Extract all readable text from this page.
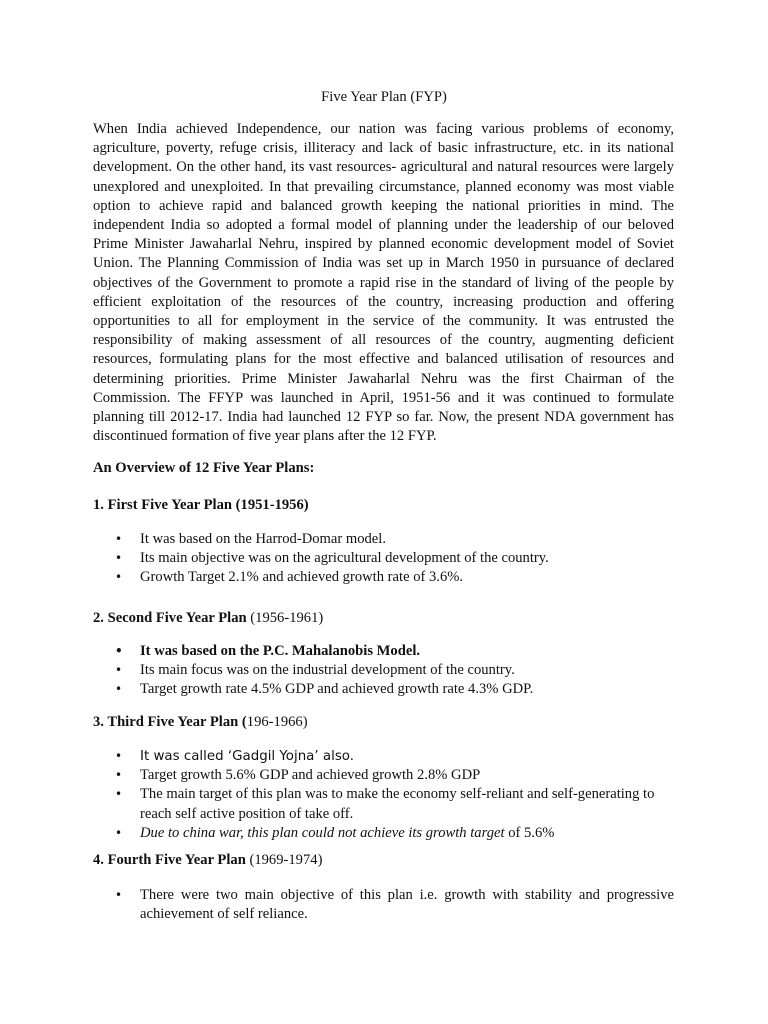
Five Year Plan (FYP)

When India achieved Independence, our nation was facing various problems of economy, agriculture, poverty, refuge crisis, illiteracy and lack of basic infrastructure, etc. in its national development. On the other hand, its vast resources- agricultural and natural resources were largely unexplored and unexploited. In that prevailing circumstance, planned economy was most viable option to achieve rapid and balanced growth keeping the national priorities in mind. The independent India so adopted a formal model of planning under the leadership of our beloved Prime Minister Jawaharlal Nehru, inspired by planned economic development model of Soviet Union. The Planning Commission of India was set up in March 1950 in pursuance of declared objectives of the Government to promote a rapid rise in the standard of living of the people by efficient exploitation of the resources of the country, increasing production and offering opportunities to all for employment in the service of the community. It was entrusted the responsibility of making assessment of all resources of the country, augmenting deficient resources, formulating plans for the most effective and balanced utilisation of resources and determining priorities. Prime Minister Jawaharlal Nehru was the first Chairman of the Commission. The FFYP was launched in April, 1951-56 and it was continued to formulate planning till 2012-17. India had launched 12 FYP so far. Now, the present NDA government has discontinued formation of five year plans after the 12 FYP.

An Overview of 12 Five Year Plans:

1. First Five Year Plan (1951-1956)

• It was based on the Harrod-Domar model.
• Its main objective was on the agricultural development of the country.
• Growth Target 2.1% and achieved growth rate of 3.6%.

2. Second Five Year Plan (1956-1961)

• It was based on the P.C. Mahalanobis Model.
• Its main focus was on the industrial development of the country.
• Target growth rate 4.5% GDP and achieved growth rate 4.3% GDP.

3. Third Five Year Plan (196-1966)

• It was called ‘Gadgil Yojna’ also.
• Target growth 5.6% GDP and achieved growth 2.8% GDP
• The main target of this plan was to make the economy self-reliant and self-generating to reach self active position of take off.
• Due to china war, this plan could not achieve its growth target of 5.6%

4. Fourth Five Year Plan (1969-1974)

• There were two main objective of this plan i.e. growth with stability and progressive achievement of self reliance.
